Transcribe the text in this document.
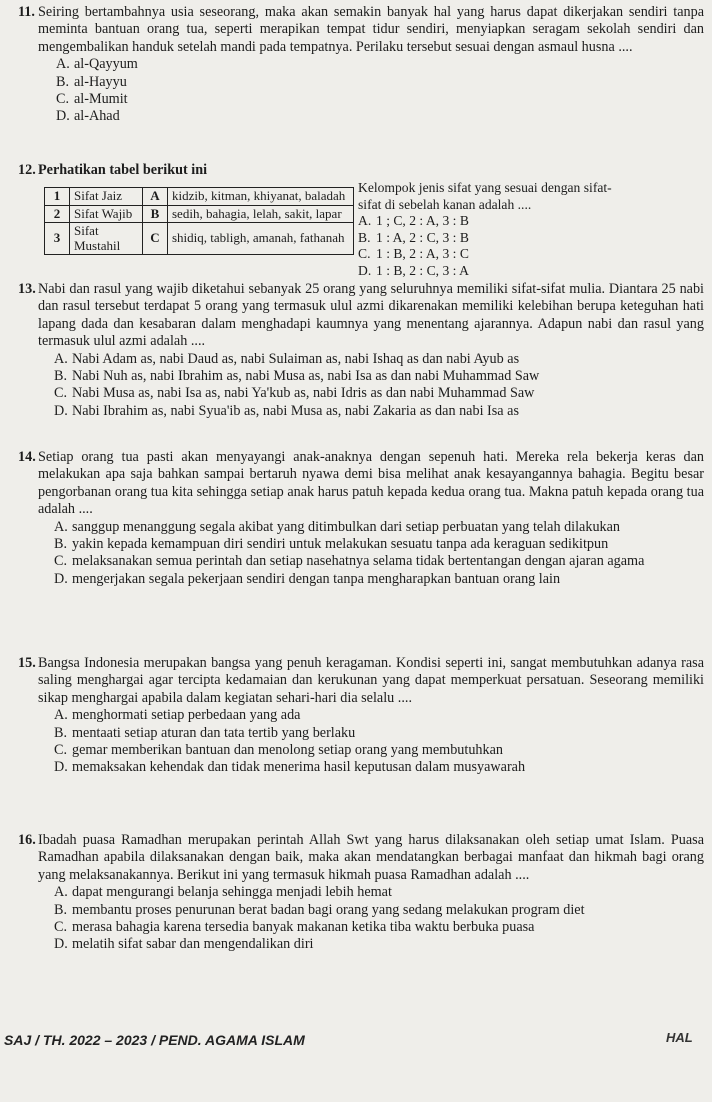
11. Seiring bertambahnya usia seseorang, maka akan semakin banyak hal yang harus dapat dikerjakan sendiri tanpa meminta bantuan orang tua, seperti merapikan tempat tidur sendiri, menyiapkan seragam sekolah sendiri dan mengembalikan handuk setelah mandi pada tempatnya. Perilaku tersebut sesuai dengan asmaul husna ....
A. al-Qayyum
B. al-Hayyu
C. al-Mumit
D. al-Ahad
12. Perhatikan tabel berikut ini
1	Sifat Jaiz	A	kidzib, kitman, khiyanat, baladah
2	Sifat Wajib	B	sedih, bahagia, lelah, sakit, lapar
3	Sifat Mustahil	C	shidiq, tabligh, amanah, fathanah
Kelompok jenis sifat yang sesuai dengan sifat-
sifat di sebelah kanan adalah ....
A. 1 ; C, 2 : A, 3 : B
B. 1 : A, 2 : C, 3 : B
C. 1 : B, 2 : A, 3 : C
D. 1 : B, 2 : C, 3 : A
13. Nabi dan rasul yang wajib diketahui sebanyak 25 orang yang seluruhnya memiliki sifat-sifat mulia. Diantara 25 nabi dan rasul tersebut terdapat 5 orang yang termasuk ulul azmi dikarenakan memiliki kelebihan berupa keteguhan hati lapang dada dan kesabaran dalam menghadapi kaumnya yang menentang ajarannya. Adapun nabi dan rasul yang termasuk ulul azmi adalah ....
A. Nabi Adam as, nabi Daud as, nabi Sulaiman as, nabi Ishaq as dan nabi Ayub as
B. Nabi Nuh as, nabi Ibrahim as, nabi Musa as, nabi Isa as dan nabi Muhammad Saw
C. Nabi Musa as, nabi Isa as, nabi Ya'kub as, nabi Idris as dan nabi Muhammad Saw
D. Nabi Ibrahim as, nabi Syua'ib as, nabi Musa as, nabi Zakaria as dan nabi Isa as
14. Setiap orang tua pasti akan menyayangi anak-anaknya dengan sepenuh hati. Mereka rela bekerja keras dan melakukan apa saja bahkan sampai bertaruh nyawa demi bisa melihat anak kesayangannya bahagia. Begitu besar pengorbanan orang tua kita sehingga setiap anak harus patuh kepada kedua orang tua. Makna patuh kepada orang tua adalah ....
A. sanggup menanggung segala akibat yang ditimbulkan dari setiap perbuatan yang telah dilakukan
B. yakin kepada kemampuan diri sendiri untuk melakukan sesuatu tanpa ada keraguan sedikitpun
C. melaksanakan semua perintah dan setiap nasehatnya selama tidak bertentangan dengan ajaran agama
D. mengerjakan segala pekerjaan sendiri dengan tanpa mengharapkan bantuan orang lain
15. Bangsa Indonesia merupakan bangsa yang penuh keragaman. Kondisi seperti ini, sangat membutuhkan adanya rasa saling menghargai agar tercipta kedamaian dan kerukunan yang dapat memperkuat persatuan. Seseorang memiliki sikap menghargai apabila dalam kegiatan sehari-hari dia selalu ....
A. menghormati setiap perbedaan yang ada
B. mentaati setiap aturan dan tata tertib yang berlaku
C. gemar memberikan bantuan dan menolong setiap orang yang membutuhkan
D. memaksakan kehendak dan tidak menerima hasil keputusan dalam musyawarah
16. Ibadah puasa Ramadhan merupakan perintah Allah Swt yang harus dilaksanakan oleh setiap umat Islam. Puasa Ramadhan apabila dilaksanakan dengan baik, maka akan mendatangkan berbagai manfaat dan hikmah bagi orang yang melaksanakannya. Berikut ini yang termasuk hikmah puasa Ramadhan adalah ....
A. dapat mengurangi belanja sehingga menjadi lebih hemat
B. membantu proses penurunan berat badan bagi orang yang sedang melakukan program diet
C. merasa bahagia karena tersedia banyak makanan ketika tiba waktu berbuka puasa
D. melatih sifat sabar dan mengendalikan diri
SAJ / TH. 2022 – 2023 / PEND. AGAMA ISLAM	HAL
